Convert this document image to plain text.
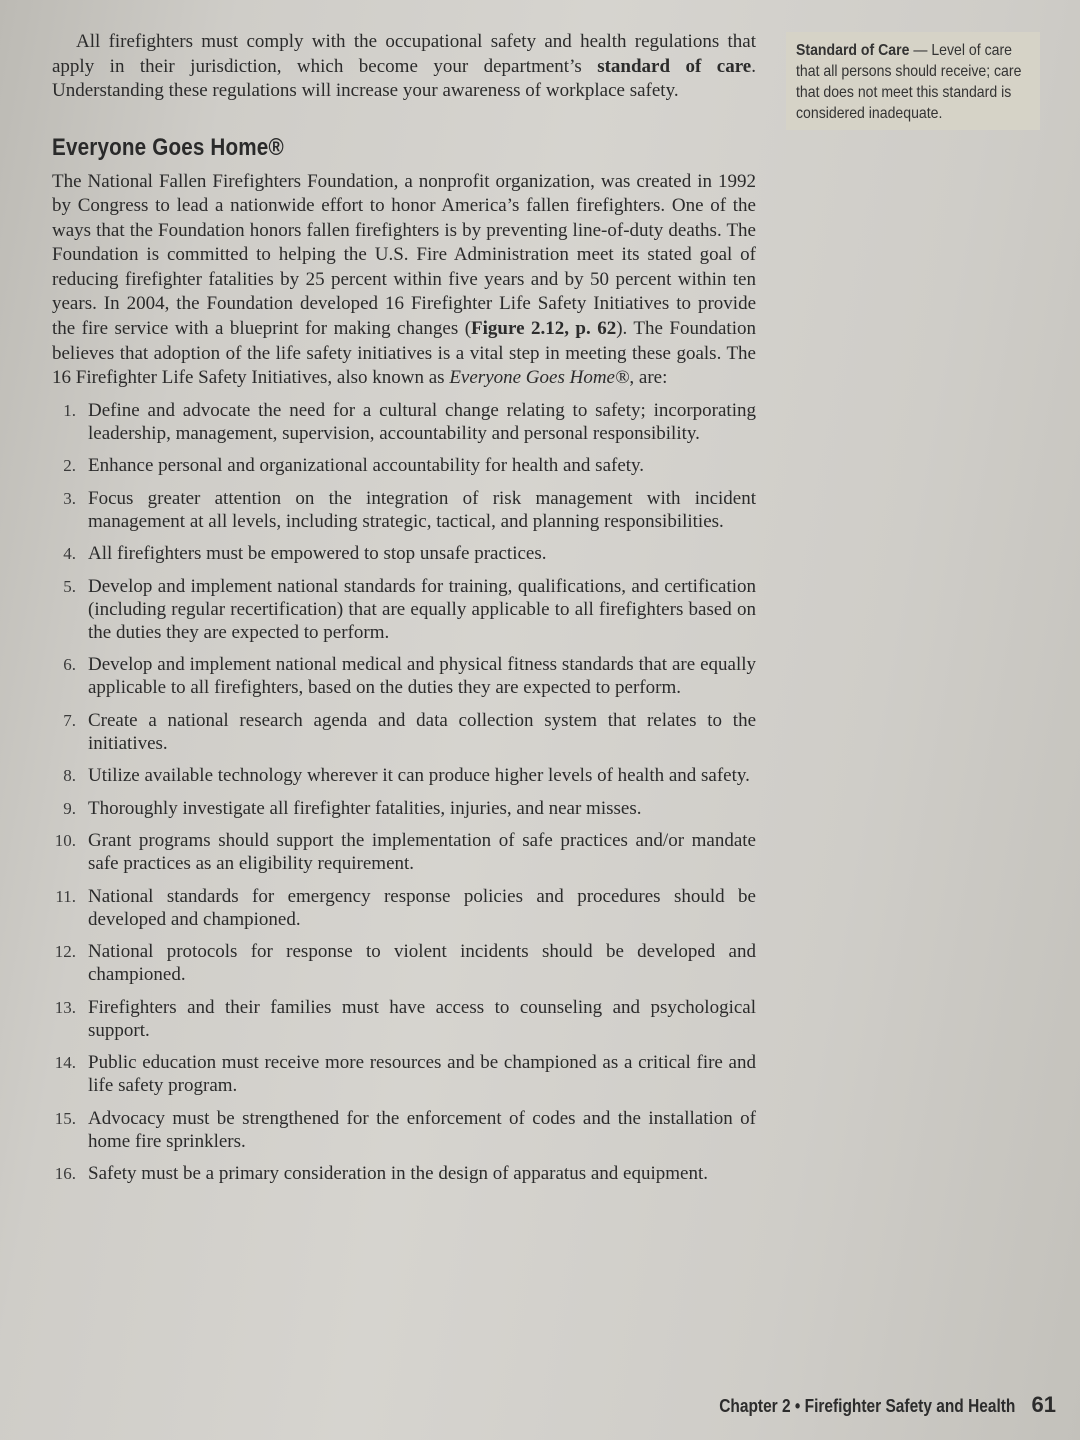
All firefighters must comply with the occupational safety and health regulations that apply in their jurisdiction, which become your department’s standard of care. Understanding these regulations will increase your awareness of workplace safety.

Everyone Goes Home®

The National Fallen Firefighters Foundation, a nonprofit organization, was created in 1992 by Congress to lead a nationwide effort to honor America’s fallen firefighters. One of the ways that the Foundation honors fallen firefighters is by preventing line-of-duty deaths. The Foundation is committed to helping the U.S. Fire Administration meet its stated goal of reducing firefighter fatalities by 25 percent within five years and by 50 percent within ten years. In 2004, the Foundation developed 16 Firefighter Life Safety Initiatives to provide the fire service with a blueprint for making changes (Figure 2.12, p. 62). The Foundation believes that adoption of the life safety initiatives is a vital step in meeting these goals. The 16 Firefighter Life Safety Initiatives, also known as Everyone Goes Home®, are:

1. Define and advocate the need for a cultural change relating to safety; incorporating leadership, management, supervision, accountability and personal responsibility.
2. Enhance personal and organizational accountability for health and safety.
3. Focus greater attention on the integration of risk management with incident management at all levels, including strategic, tactical, and planning responsibilities.
4. All firefighters must be empowered to stop unsafe practices.
5. Develop and implement national standards for training, qualifications, and certification (including regular recertification) that are equally applicable to all firefighters based on the duties they are expected to perform.
6. Develop and implement national medical and physical fitness standards that are equally applicable to all firefighters, based on the duties they are expected to perform.
7. Create a national research agenda and data collection system that relates to the initiatives.
8. Utilize available technology wherever it can produce higher levels of health and safety.
9. Thoroughly investigate all firefighter fatalities, injuries, and near misses.
10. Grant programs should support the implementation of safe practices and/or mandate safe practices as an eligibility requirement.
11. National standards for emergency response policies and procedures should be developed and championed.
12. National protocols for response to violent incidents should be developed and championed.
13. Firefighters and their families must have access to counseling and psychological support.
14. Public education must receive more resources and be championed as a critical fire and life safety program.
15. Advocacy must be strengthened for the enforcement of codes and the installation of home fire sprinklers.
16. Safety must be a primary consideration in the design of apparatus and equipment.
Standard of Care — Level of care that all persons should receive; care that does not meet this standard is considered inadequate.
Chapter 2 • Firefighter Safety and Health 61
